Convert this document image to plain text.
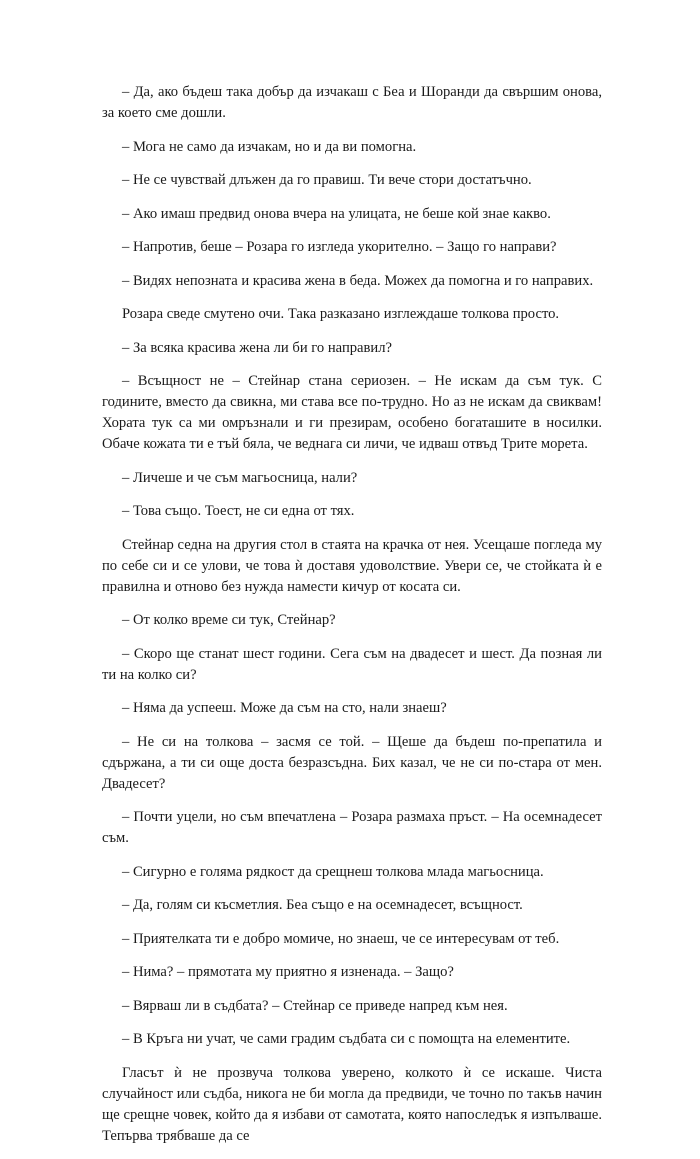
– Да, ако бъдеш така добър да изчакаш с Беа и Шоранди да свършим онова, за което сме дошли.

– Мога не само да изчакам, но и да ви помогна.

– Не се чувствай длъжен да го правиш. Ти вече стори достатъчно.

– Ако имаш предвид онова вчера на улицата, не беше кой знае какво.

– Напротив, беше – Розара го изгледа укорително. – Защо го направи?

– Видях непозната и красива жена в беда. Можех да помогна и го направих.

Розара сведе смутено очи. Така разказано изглеждаше толкова просто.

– За всяка красива жена ли би го направил?

– Всъщност не – Стейнар стана сериозен. – Не искам да съм тук. С годините, вместо да свикна, ми става все по-трудно. Но аз не искам да свиквам! Хората тук са ми омръзнали и ги презирам, особено богаташите в носилки. Обаче кожата ти е тъй бяла, че веднага си личи, че идваш отвъд Трите морета.

– Личеше и че съм магьосница, нали?

– Това също. Тоест, не си една от тях.

Стейнар седна на другия стол в стаята на крачка от нея. Усещаше погледа му по себе си и се улови, че това ѝ доставя удоволствие. Увери се, че стойката ѝ е правилна и отново без нужда намести кичур от косата си.

– От колко време си тук, Стейнар?

– Скоро ще станат шест години. Сега съм на двадесет и шест. Да позная ли ти на колко си?

– Няма да успееш. Може да съм на сто, нали знаеш?

– Не си на толкова – засмя се той. – Щеше да бъдеш по-препатила и сдържана, а ти си още доста безразсъдна. Бих казал, че не си по-стара от мен. Двадесет?

– Почти уцели, но съм впечатлена – Розара размаха пръст. – На осемнадесет съм.

– Сигурно е голяма рядкост да срещнеш толкова млада магьосница.

– Да, голям си късметлия. Беа също е на осемнадесет, всъщност.

– Приятелката ти е добро момиче, но знаеш, че се интересувам от теб.

– Нима? – прямотата му приятно я изненада. – Защо?

– Вярваш ли в съдбата? – Стейнар се приведе напред към нея.

– В Кръга ни учат, че сами градим съдбата си с помощта на елементите.

Гласът ѝ не прозвуча толкова уверено, колкото ѝ се искаше. Чиста случайност или съдба, никога не би могла да предвиди, че точно по такъв начин ще срещне човек, който да я избави от самотата, която напоследък я изпълваше. Тепърва трябваше да се
